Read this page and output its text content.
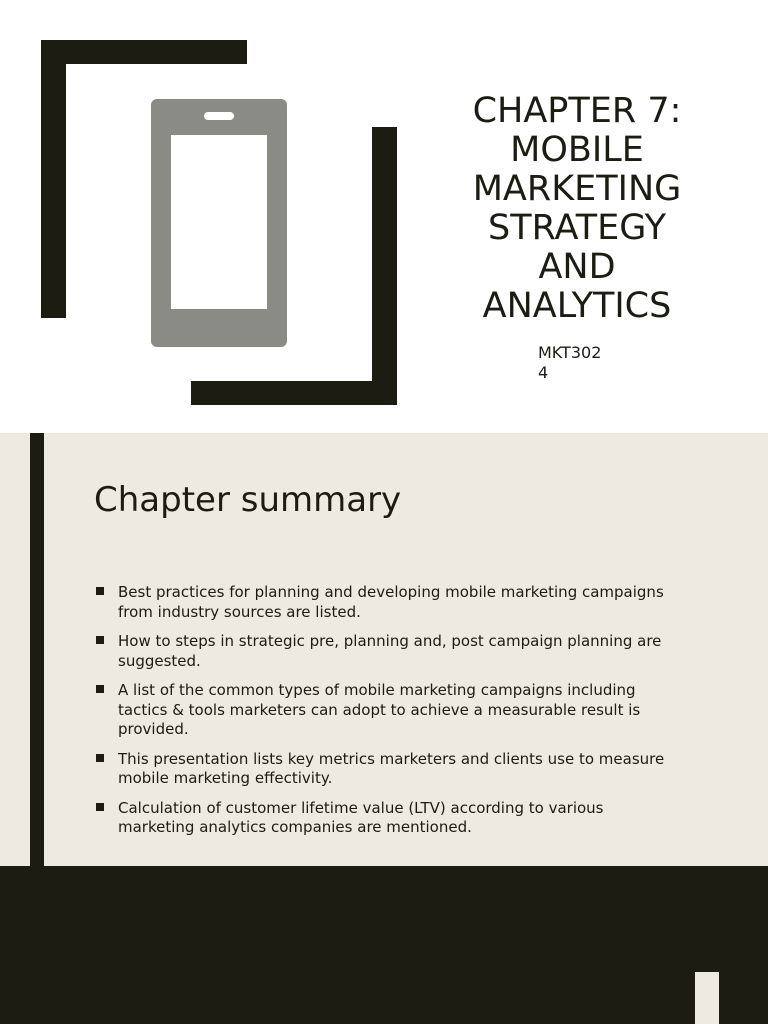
CHAPTER 7: MOBILE MARKETING STRATEGY AND ANALYTICS
MKT302
4
Chapter summary
Best practices for planning and developing mobile marketing campaigns from industry sources are listed.
How to steps in strategic pre, planning and, post campaign planning are suggested.
A list of the common types of mobile marketing campaigns including tactics & tools marketers can adopt to achieve a measurable result is provided.
This presentation lists key metrics marketers and clients use to measure mobile marketing effectivity.
Calculation of customer lifetime value (LTV) according to various marketing analytics companies are mentioned.
